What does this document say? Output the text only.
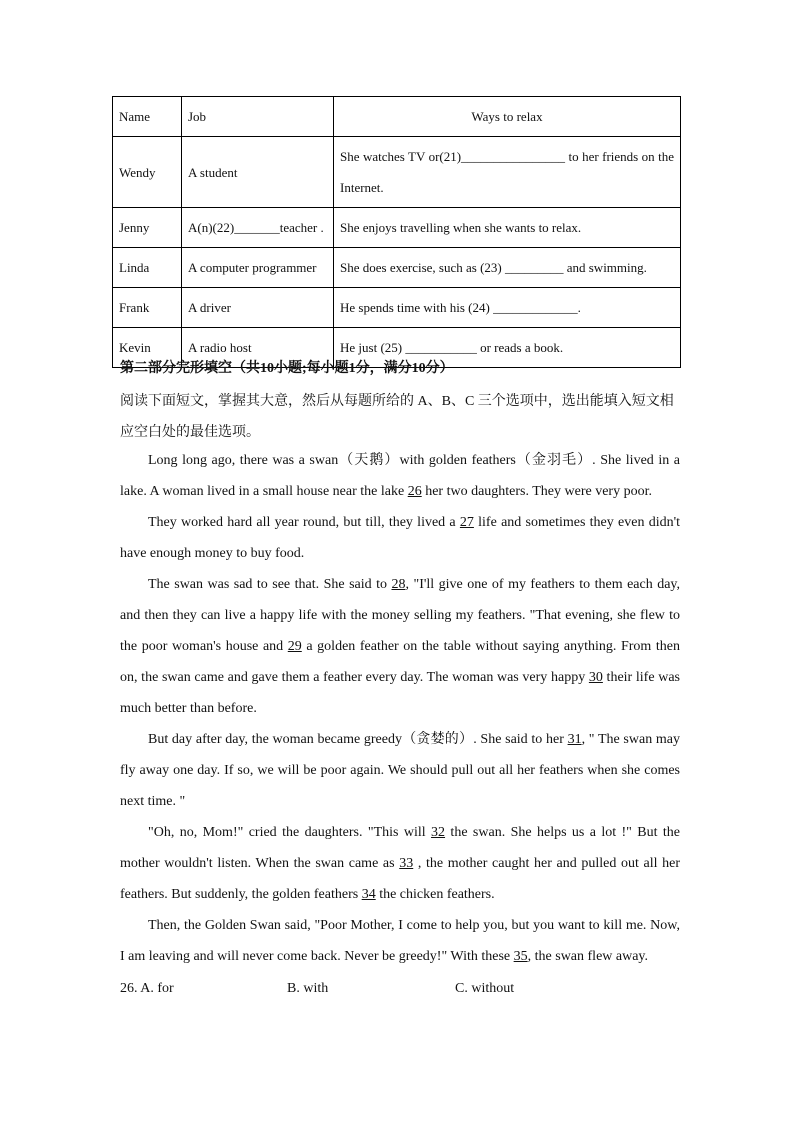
Name	Job	Ways to relax
Wendy	A student	She watches TV or(21)________________ to her friends on the Internet.
Jenny	A(n)(22)_______teacher .	She enjoys travelling when she wants to relax.
Linda	A computer programmer	She does exercise, such as (23) _________ and swimming.
Frank	A driver	He spends time with his (24) _____________.
Kevin	A radio host	He just (25) ___________ or reads a book.
第二部分完形填空（共10小题;每小题1分，满分10分）
阅读下面短文，掌握其大意，然后从每题所给的 A、B、C 三个选项中，选出能填入短文相应空白处的最佳选项。

Long long ago, there was a swan（天鹅）with golden feathers（金羽毛）. She lived in a lake. A woman lived in a small house near the lake 26 her two daughters. They were very poor.

They worked hard all year round, but till, they lived a 27 life and sometimes they even didn't have enough money to buy food.

The swan was sad to see that. She said to 28, "I'll give one of my feathers to them each day, and then they can live a happy life with the money selling my feathers. "That evening, she flew to the poor woman's house and 29 a golden feather on the table without saying anything. From then on, the swan came and gave them a feather every day. The woman was very happy 30 their life was much better than before.

But day after day, the woman became greedy（贪婪的）. She said to her 31, " The swan may fly away one day. If so, we will be poor again. We should pull out all her feathers when she comes next time. "

"Oh, no, Mom!" cried the daughters. "This will 32 the swan. She helps us a lot !" But the mother wouldn't listen. When the swan came as 33 , the mother caught her and pulled out all her feathers. But suddenly, the golden feathers 34 the chicken feathers.

Then, the Golden Swan said, "Poor Mother, I come to help you, but you want to kill me. Now, I am leaving and will never come back. Never be greedy!" With these 35, the swan flew away.

26. A. for	B. with	C. without
